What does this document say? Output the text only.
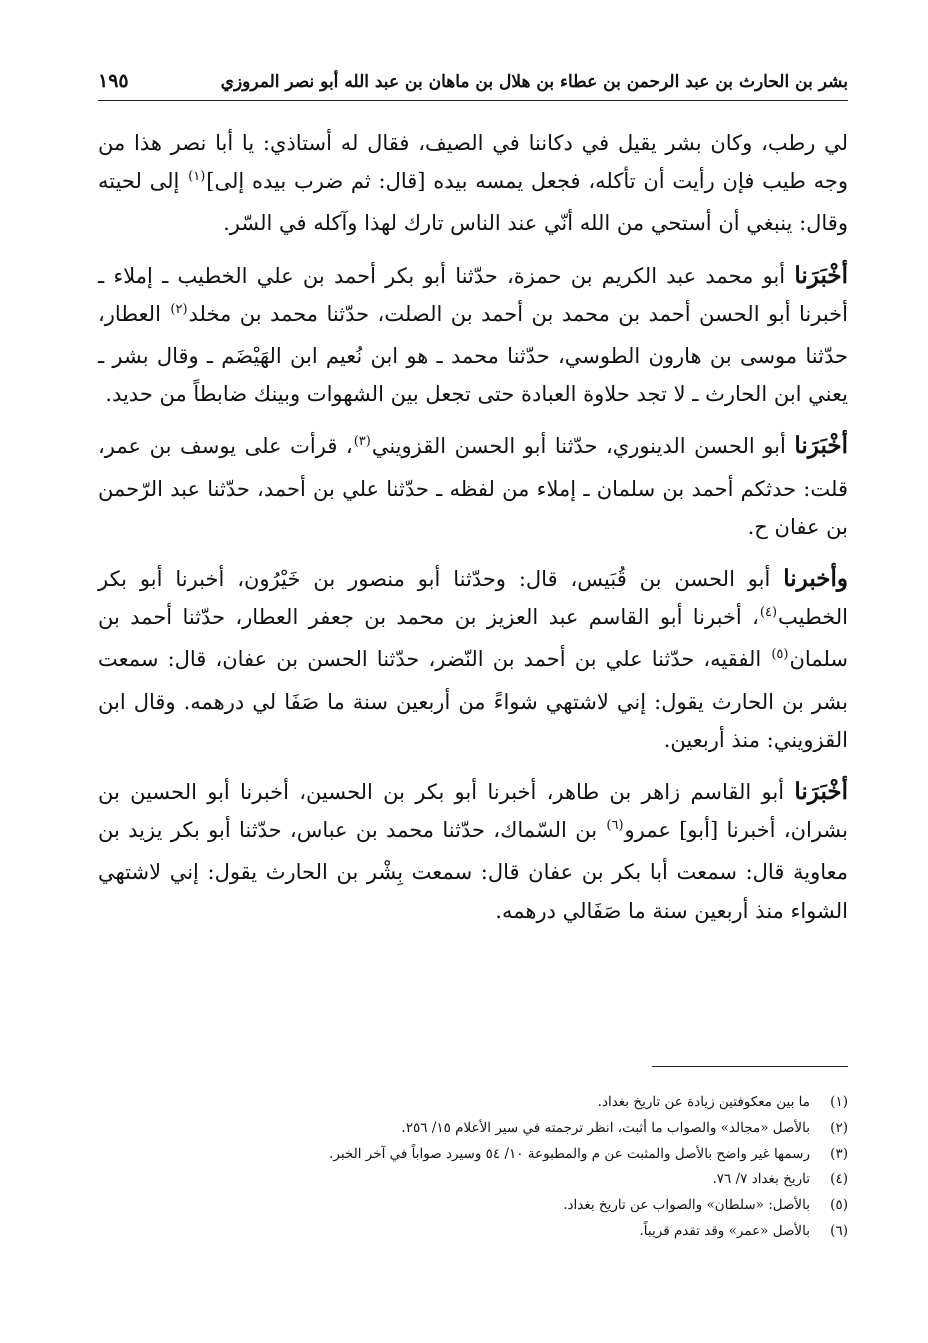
بشر بن الحارث بن عبد الرحمن بن عطاء بن هلال بن ماهان بن عبد الله أبو نصر المروزي
١٩٥

لي رطب، وكان بشر يقيل في دكاننا في الصيف، فقال له أستاذي: يا أبا نصر هذا من وجه طيب فإن رأيت أن تأكله، فجعل يمسه بيده [قال: ثم ضرب بيده إلى]$^{(١)}$ إلى لحيته وقال: ينبغي أن أستحي من الله أنّي عند الناس تارك لهذا وآكله في السّر.

أخْبَرَنا أبو محمد عبد الكريم بن حمزة، حدّثنا أبو بكر أحمد بن علي الخطيب ـ إملاء ـ أخبرنا أبو الحسن أحمد بن محمد بن أحمد بن الصلت، حدّثنا محمد بن مخلد$^{(٢)}$ العطار، حدّثنا موسى بن هارون الطوسي، حدّثنا محمد ـ هو ابن نُعيم ابن الهَيْضَم ـ وقال بشر ـ يعني ابن الحارث ـ لا تجد حلاوة العبادة حتى تجعل بين الشهوات وبينك ضابطاً من حديد.

أخْبَرَنا أبو الحسن الدينوري، حدّثنا أبو الحسن القزويني$^{(٣)}$، قرأت على يوسف بن عمر، قلت: حدثكم أحمد بن سلمان ـ إملاء من لفظه ـ حدّثنا علي بن أحمد، حدّثنا عبد الرّحمن بن عفان ح.

وأخبرنا أبو الحسن بن قُبَيس، قال: وحدّثنا أبو منصور بن خَيْرُون، أخبرنا أبو بكر الخطيب$^{(٤)}$، أخبرنا أبو القاسم عبد العزيز بن محمد بن جعفر العطار، حدّثنا أحمد بن سلمان$^{(٥)}$ الفقيه، حدّثنا علي بن أحمد بن النّضر، حدّثنا الحسن بن عفان، قال: سمعت بشر بن الحارث يقول: إني لاشتهي شواءً من أربعين سنة ما صَفَا لي درهمه. وقال ابن القزويني: منذ أربعين.

أخْبَرَنا أبو القاسم زاهر بن طاهر، أخبرنا أبو بكر بن الحسين، أخبرنا أبو الحسين بن بشران، أخبرنا [أبو] عمرو$^{(٦)}$ بن السّماك، حدّثنا محمد بن عباس، حدّثنا أبو بكر يزيد بن معاوية قال: سمعت أبا بكر بن عفان قال: سمعت بِشْر بن الحارث يقول: إني لاشتهي الشواء منذ أربعين سنة ما صَفَالي درهمه.

(١)ما بين معكوفتين زيادة عن تاريخ بغداد.
(٢)بالأصل «مجالد» والصواب ما أثبت، انظر ترجمته في سير الأعلام ١٥/ ٢٥٦.
(٣)رسمها غير واضح بالأصل والمثبت عن م والمطبوعة ١٠/ ٥٤ وسيرد صواباً في آخر الخبر.
(٤)تاريخ بغداد ٧/ ٧٦.
(٥)بالأصل: «سلطان» والصواب عن تاريخ بغداد.
(٦)بالأصل «عمر» وقد تقدم قريباً.
